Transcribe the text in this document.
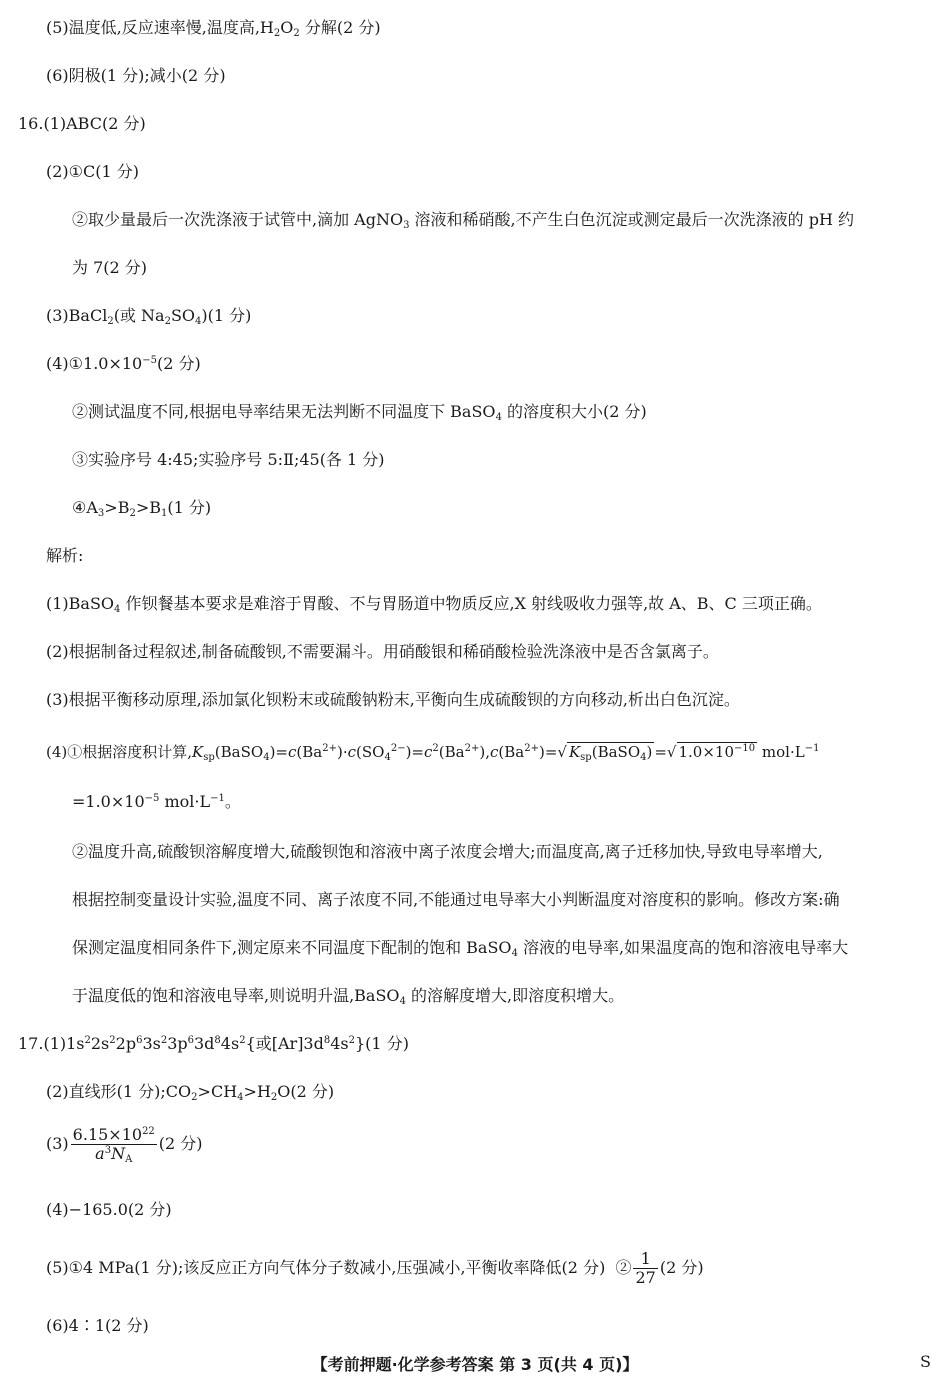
(5)温度低,反应速率慢,温度高$,H_2O_2$ 分解(2 分)
(6)阴极(1 分);减小(2 分)
16.(1)ABC(2 分)
(2)①C(1 分)
②取少量最后一次洗涤液于试管中,滴加 AgNO$_3$ 溶液和稀硝酸,不产生白色沉淀或测定最后一次洗涤液的 pH 约
为 7(2 分)
(3)BaCl$_2$(或 $Na_2SO_4)(1$ 分)
$(4)①1.0\times 10^{-5}(2$ 分)
②测试温度不同,根据电导率结果无法判断不同温度下 BaSO$_4$ 的溶度积大小(2 分)
③实验序号 4:45;实验序号 5:Ⅱ;45(各 1 分)
$④A_3>B_2>B_1(1$ 分)
解析:
(1)BaSO$_4$ 作钡餐基本要求是难溶于胃酸、不与胃肠道中物质反应,X 射线吸收力强等,故 A、B、C 三项正确。
(2)根据制备过程叙述,制备硫酸钡,不需要漏斗。用硝酸银和稀硝酸检验洗涤液中是否含氯离子。
(3)根据平衡移动原理,添加氯化钡粉末或硫酸钠粉末,平衡向生成硫酸钡的方向移动,析出白色沉淀。
(4)①根据溶度积计算$,K_{sp}(BaSO_4)=c(Ba^{2+})\cdot c(SO_4^{2-})=c^2(Ba^{2+}),c(Ba^{2+})=√$ $K_{sp}(BaSO_4)$ =√ $1.0\times 10^{-10}$ $mol\cdot L^{-1}$
$=1.0\times 10^{-5}$ $mol\cdot L^{-1}$。
②温度升高,硫酸钡溶解度增大,硫酸钡饱和溶液中离子浓度会增大;而温度高,离子迁移加快,导致电导率增大,
根据控制变量设计实验,温度不同、离子浓度不同,不能通过电导率大小判断温度对溶度积的影响。修改方案:确
保测定温度相同条件下,测定原来不同温度下配制的饱和 BaSO$_4$ 溶液的电导率,如果温度高的饱和溶液电导率大
于温度低的饱和溶液电导率,则说明升温,BaSO$_4$ 的溶解度增大,即溶度积增大。
$17.(1)1s^22s^22p^63s^23p^63d^84s^2${或$[Ar]3d^84s^2\}(1$ 分)
(2)直线形(1 分)$;CO_2>CH_4>H_2O(2$ 分)
$(3) \frac{6.15\times 10^{22}}{a^3N_A} (2$ 分)
(4)−165.0(2 分)
(5)①4 MPa(1 分);该反应正方向气体分子数减小,压强减小,平衡收率降低(2 分)  ② $\frac{1}{27} (2$ 分)
(6)4∶1(2 分)
【考前押题·化学参考答案 第 3 页(共 4 页)】	S
